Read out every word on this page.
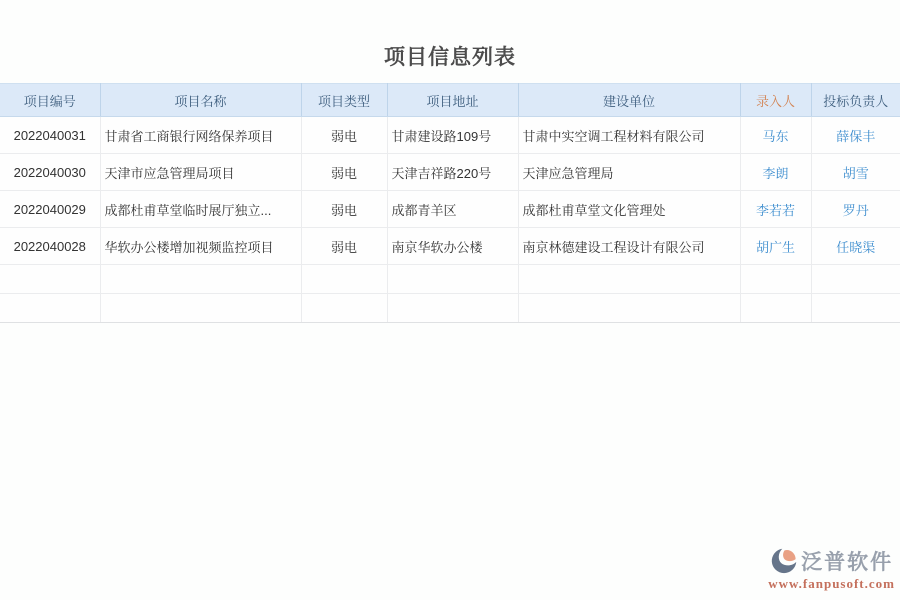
项目信息列表
项目编号	项目名称	项目类型	项目地址	建设单位	录入人	投标负责人
2022040031	甘肃省工商银行网络保养项目	弱电	甘肃建设路109号	甘肃中实空调工程材料有限公司	马东	薛保丰
2022040030	天津市应急管理局项目	弱电	天津吉祥路220号	天津应急管理局	李朗	胡雪
2022040029	成都杜甫草堂临时展厅独立...	弱电	成都青羊区	成都杜甫草堂文化管理处	李若若	罗丹
2022040028	华软办公楼增加视频监控项目	弱电	南京华软办公楼	南京林德建设工程设计有限公司	胡广生	任晓渠

泛普软件
www.fanpusoft.com
